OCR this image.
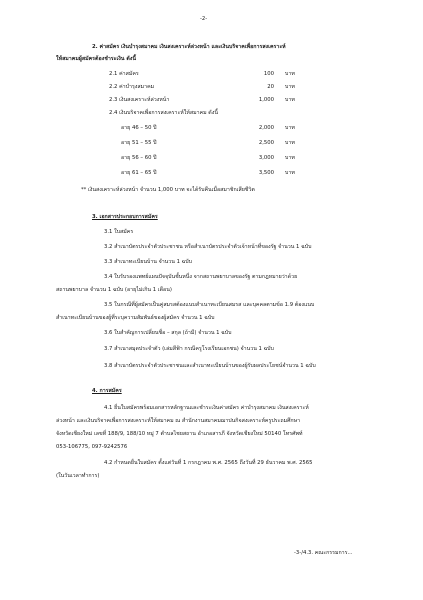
-2-
2. ค่าสมัคร เงินบำรุงสมาคม เงินสงเคราะห์ล่วงหน้า และเงินบริจาคเพื่อการสงเคราะห์
ให้สมาคมผู้สมัครต้องชำระเงิน ดังนี้
2.1 ค่าสมัคร	100 บาท
2.2 ค่าบำรุงสมาคม	20 บาท
2.3 เงินสงเคราะห์ล่วงหน้า	1,000 บาท
2.4 เงินบริจาคเพื่อการสงเคราะห์ให้สมาคม ดังนี้
อายุ 46 – 50 ปี	2,000 บาท
อายุ 51 – 55 ปี	2,500 บาท
อายุ 56 – 60 ปี	3,000 บาท
อายุ 61 – 65 ปี	3,500 บาท
** เงินสงเคราะห์ล่วงหน้า จำนวน 1,000 บาท จะได้รับคืนเมื่อสมาชิกเสียชีวิต
3. เอกสารประกอบการสมัคร
3.1 ใบสมัคร
3.2 สำเนาบัตรประจำตัวประชาชน หรือสำเนาบัตรประจำตัวเจ้าหน้าที่ของรัฐ จำนวน 1 ฉบับ
3.3 สำเนาทะเบียนบ้าน จำนวน 1 ฉบับ
3.4 ใบรับรองแพทย์แผนปัจจุบันชั้นหนึ่ง จากสถานพยาบาลของรัฐ ตามกฎหมายว่าด้วย
สถานพยาบาล จำนวน 1 ฉบับ (อายุไม่เกิน 1 เดือน)
3.5 ในกรณีที่ผู้สมัครเป็นคู่สมรสต้องแนบสำเนาทะเบียนสมรส และบุคคลตามข้อ 1.9 ต้องแนบ
สำเนาทะเบียนบ้านของผู้ที่ระบุความสัมพันธ์ของผู้สมัคร จำนวน 1 ฉบับ
3.6 ใบสำคัญการเปลี่ยนชื่อ – สกุล (ถ้ามี) จำนวน 1 ฉบับ
3.7 สำเนาสมุดประจำตัว (เล่มสีฟ้า กรณีครูโรงเรียนเอกชน) จำนวน 1 ฉบับ
3.8 สำเนาบัตรประจำตัวประชาชนและสำเนาทะเบียนบ้านของผู้รับผลประโยชน์จำนวน 1 ฉบับ
4. การสมัคร
4.1 ยื่นใบสมัครพร้อมเอกสารหลักฐานและชำระเงินค่าสมัคร ค่าบำรุงสมาคม เงินสงเคราะห์
ล่วงหน้า และเงินบริจาคเพื่อการสงเคราะห์ให้สมาคม ณ สำนักงานสมาคมฌาปนกิจสงเคราะห์ครูประถมศึกษา
จังหวัดเชียงใหม่ เลขที่ 188/9, 188/10 หมู่ 7 ตำบลไชยสถาน อำเภอสารภี จังหวัดเชียงใหม่ 50140 โทรศัพท์
053-106775, 097-9242576
4.2 กำหนดยื่นใบสมัคร ตั้งแต่วันที่ 1 กรกฎาคม พ.ศ. 2565 ถึงวันที่ 29 ธันวาคม พ.ศ. 2565
(ในวันเวลาทำการ)
-3-/4.3. คณะกรรมการ...
